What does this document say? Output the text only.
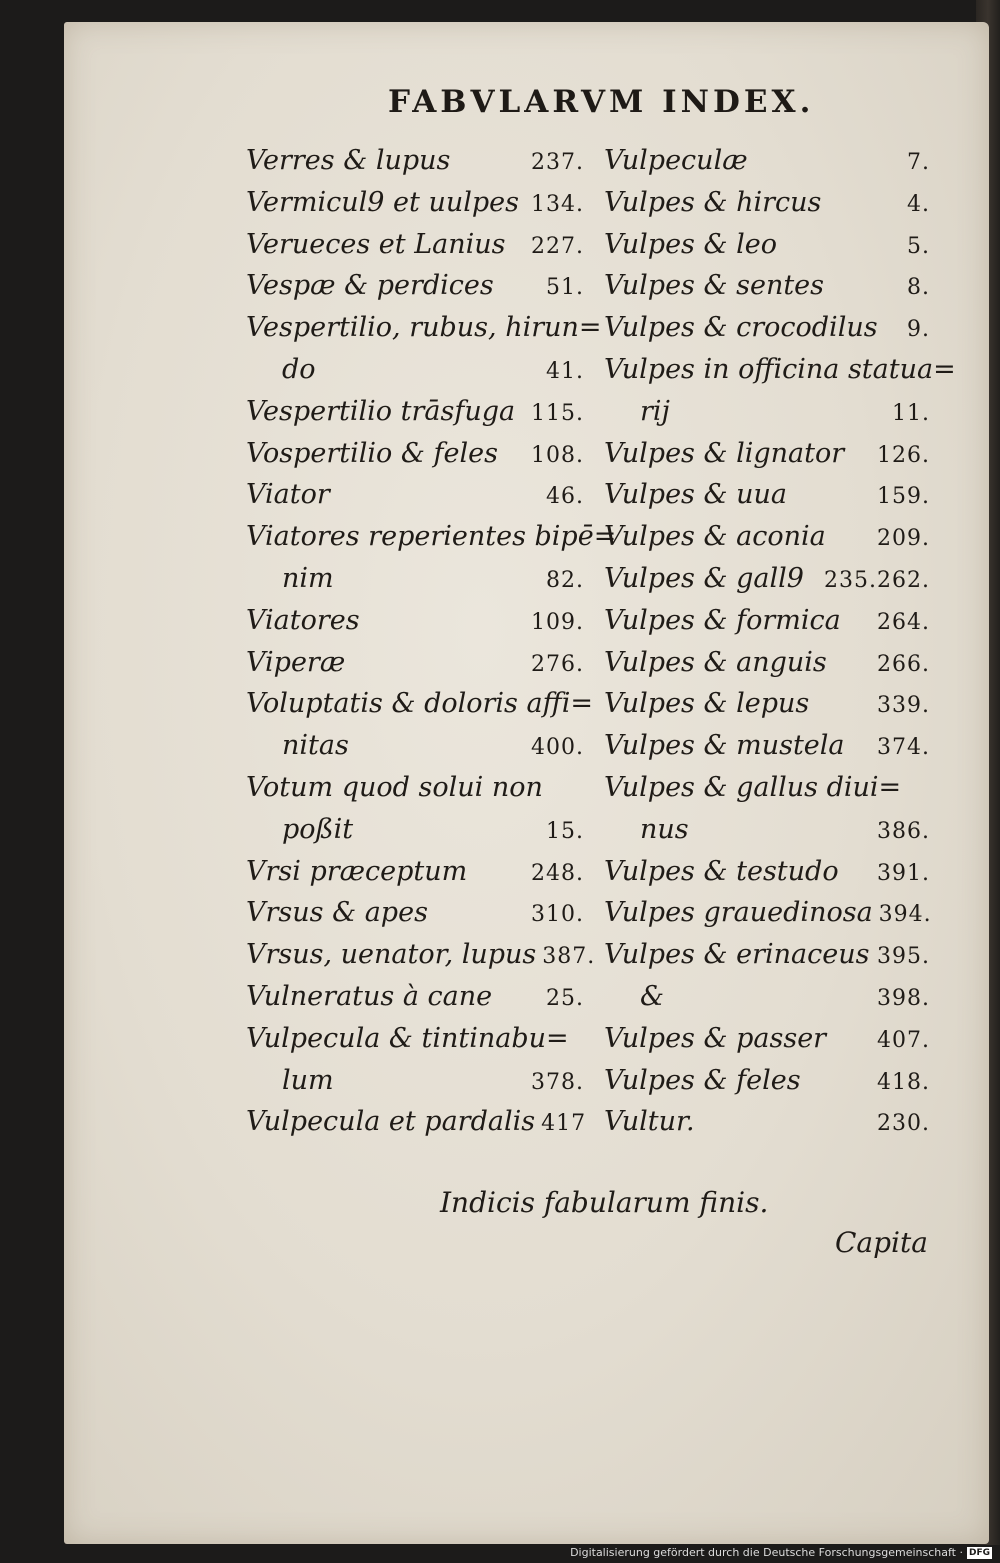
FABVLARVM INDEX.
Verres & lupus	237.
Vermicul9 et uulpes 134.
Verueces et Lanius 227.
Vespæ & perdices 51.
Vespertilio, rubus, hirun=
do	41.
Vespertilio trāsfuga 115.
Vospertilio & feles 108.
Viator	46.
Viatores reperientes bipē=
nim	82.
Viatores	109.
Viperæ	276.
Voluptatis & doloris affi=
nitas	400.
Votum quod solui non
poßit	15.
Vrsi præceptum	248.
Vrsus & apes	310.
Vrsus, uenator, lupus 387.
Vulneratus à cane 25.
Vulpecula & tintinabu=
lum	378.
Vulpecula et pardalis 417
Vulpeculæ	7.
Vulpes & hircus	4.
Vulpes & leo	5.
Vulpes & sentes	8.
Vulpes & crocodilus 9.
Vulpes in officina statua=
rij	11.
Vulpes & lignator 126.
Vulpes & uua	159.
Vulpes & aconia 209.
Vulpes & gall9 235.262.
Vulpes & formica 264.
Vulpes & anguis 266.
Vulpes & lepus	339.
Vulpes & mustela 374.
Vulpes & gallus diui=
nus	386.
Vulpes & testudo 391.
Vulpes grauedinosa 394.
Vulpes & erinaceus 395.
&	398.
Vulpes & passer 407.
Vulpes & feles	418.
Vultur.	230.
Indicis fabularum finis.
Capita
Digitalisierung gefördert durch die Deutsche Forschungsgemeinschaft · DFG
